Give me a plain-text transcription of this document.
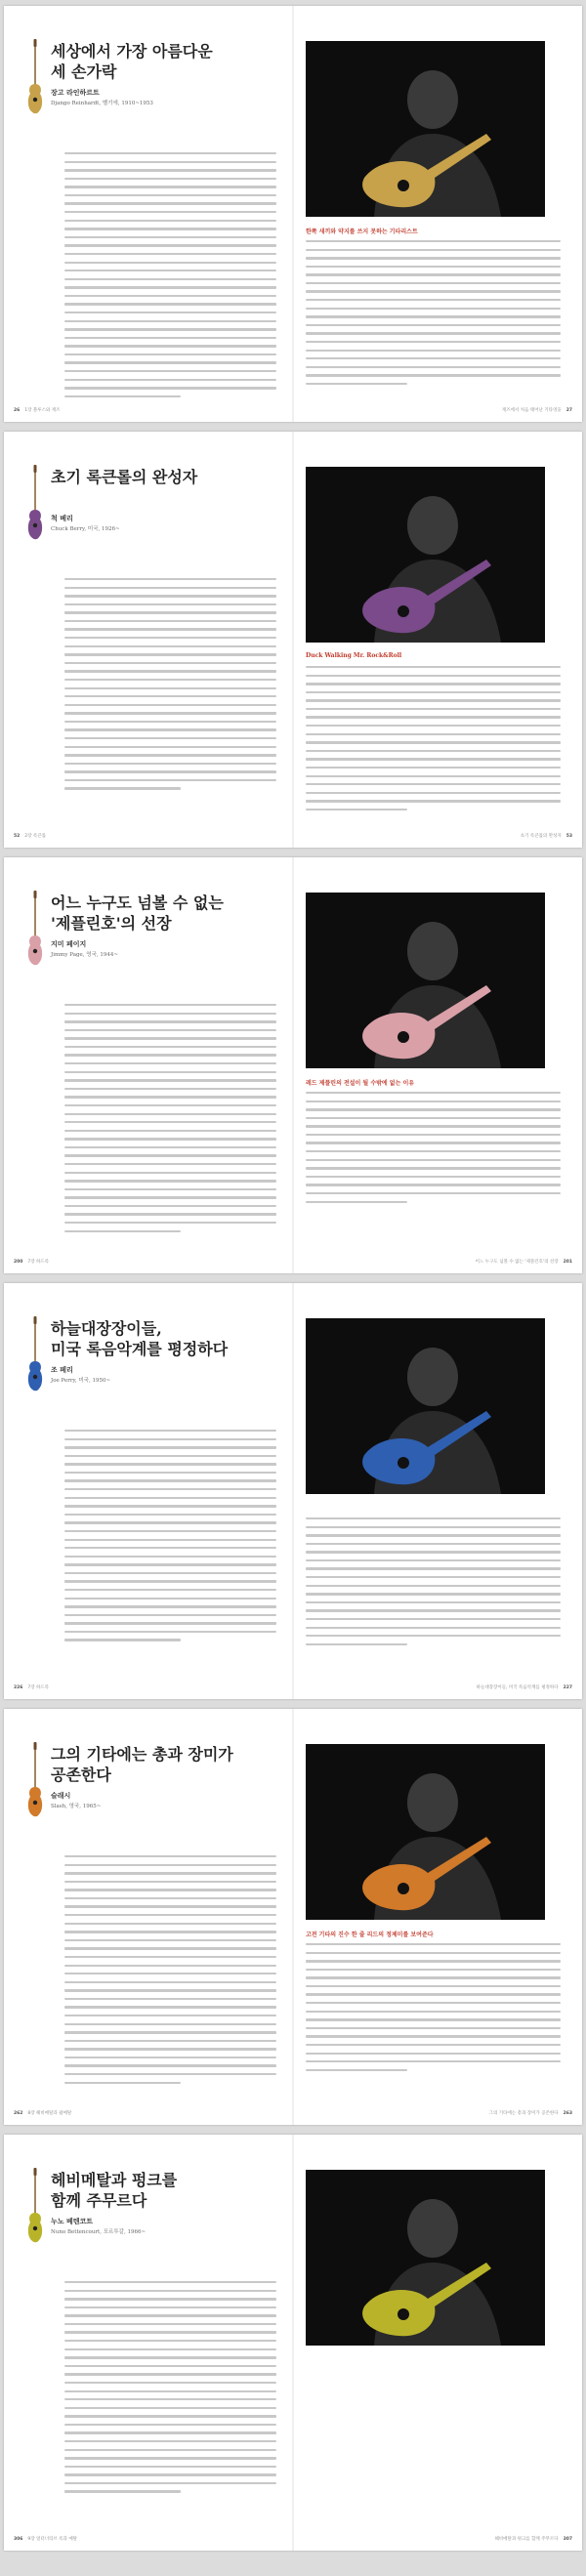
세상에서 가장 아름다운
세 손가락
장고 라인하르트
Django Reinhardt, 벨기에, 1910~1953
26 1장 블루스와 재즈
한쪽 새끼와 약지를 쓰지 못하는 기타리스트
재즈에서 처음 태어난 기타영웅 27
초기 록큰롤의 완성자
척 베리
Chuck Berry, 미국, 1926~
52 2장 록큰롤
Duck Walking Mr. Rock&Roll
초기 록큰롤의 완성자 53
어느 누구도 넘볼 수 없는
'제플린호'의 선장
지미 페이지
Jimmy Page, 영국, 1944~
200 7장 하드록
레드 제플린의 전설이 될 수밖에 없는 이유
어느 누구도 넘볼 수 없는 '제플린호'의 선장 201
하늘대장장이들,
미국 록음악계를 평정하다
조 페리
Joe Perry, 미국, 1950~
226 7장 하드록	하늘대장장이들, 미국 록음악계를 평정하다 227
그의 기타에는 총과 장미가
공존한다
슬래시
Slash, 영국, 1965~
262 8장 헤비메탈과 팝메탈
고전 기타의 진수 한 줄 리드의 정제미를 보여준다
그의 기타에는 총과 장미가 공존한다 263
헤비메탈과 펑크를
함께 주무르다
누노 베텐코트
Nuno Bettencourt, 포르투갈, 1966~
306 9장 얼터너티브 록과 메탈	헤비메탈과 펑크를 함께 주무르다 307
